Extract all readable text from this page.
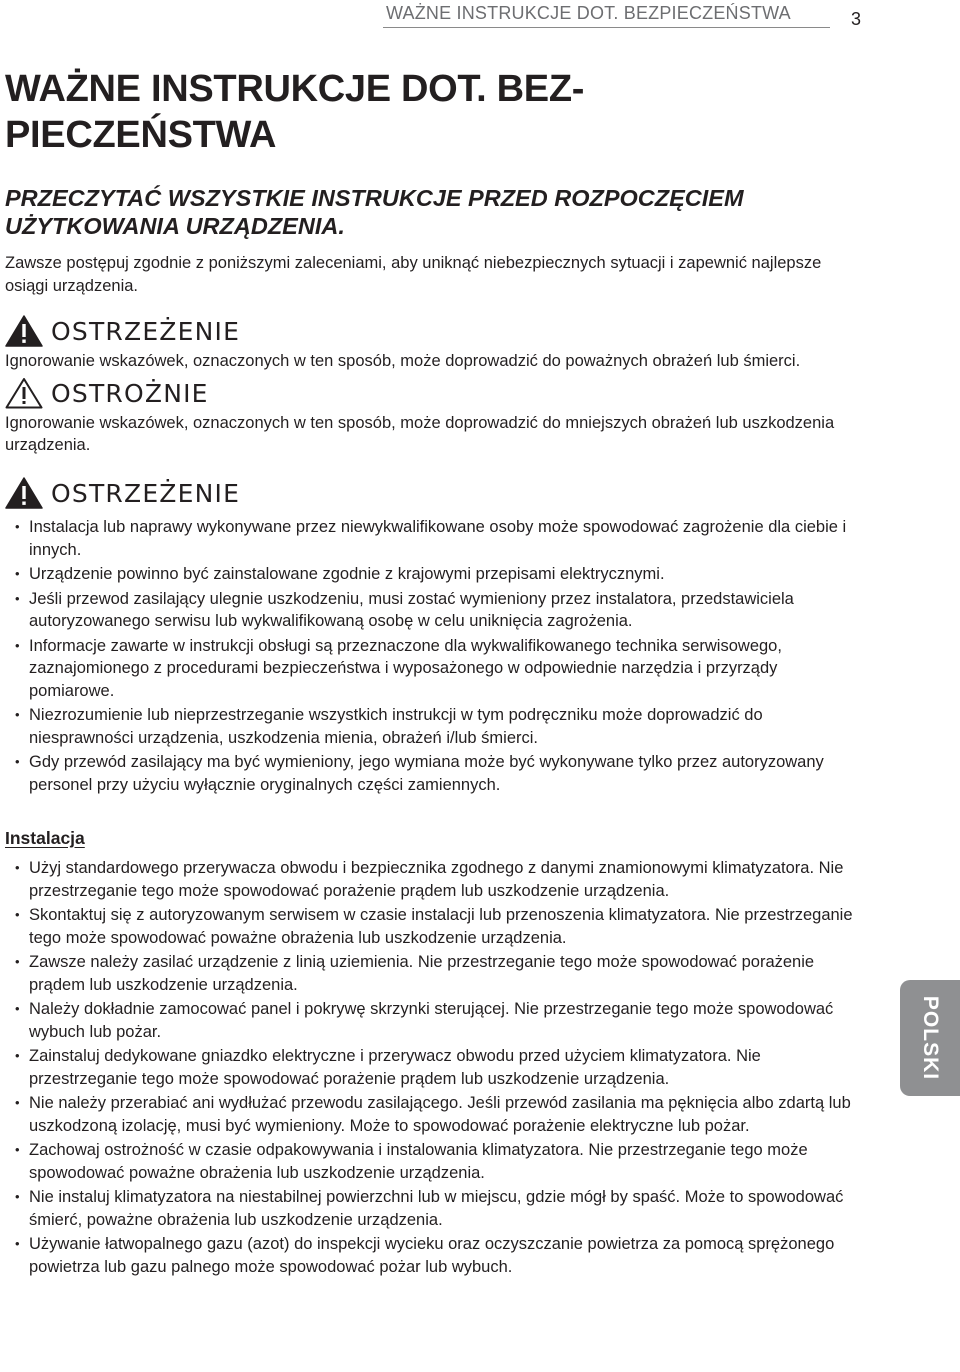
WAŻNE INSTRUKCJE DOT. BEZPIECZEŃSTWA	3
WAŻNE INSTRUKCJE DOT. BEZ-PIECZEŃSTWA
PRZECZYTAĆ WSZYSTKIE INSTRUKCJE PRZED ROZPOCZĘCIEM UŻYTKOWANIA URZĄDZENIA.

Zawsze postępuj zgodnie z poniższymi zaleceniami, aby uniknąć niebezpiecznych sytuacji i zapewnić najlepsze osiągi urządzenia.

OSTRZEŻENIE

Ignorowanie wskazówek, oznaczonych w ten sposób, może doprowadzić do poważnych obrażeń lub śmierci.

OSTROŻNIE

Ignorowanie wskazówek, oznaczonych w ten sposób, może doprowadzić do mniejszych obrażeń lub uszkodzenia urządzenia.

OSTRZEŻENIE
• Instalacja lub naprawy wykonywane przez niewykwalifikowane osoby może spowodować zagrożenie dla ciebie i innych.
• Urządzenie powinno być zainstalowane zgodnie z krajowymi przepisami elektrycznymi.
• Jeśli przewod zasilający ulegnie uszkodzeniu, musi zostać wymieniony przez instalatora, przedstawiciela autoryzowanego serwisu lub wykwalifikowaną osobę w celu uniknięcia zagrożenia.
• Informacje zawarte w instrukcji obsługi są przeznaczone dla wykwalifikowanego technika serwisowego, zaznajomionego z procedurami bezpieczeństwa i wyposażonego w odpowiednie narzędzia i przyrządy pomiarowe.
• Niezrozumienie lub nieprzestrzeganie wszystkich instrukcji w tym podręczniku może doprowadzić do niesprawności urządzenia, uszkodzenia mienia, obrażeń i/lub śmierci.
• Gdy przewód zasilający ma być wymieniony, jego wymiana może być wykonywane tylko przez autoryzowany personel przy użyciu wyłącznie oryginalnych części zamiennych.
Instalacja
• Użyj standardowego przerywacza obwodu i bezpiecznika zgodnego z danymi znamionowymi klimatyzatora. Nie przestrzeganie tego może spowodować porażenie prądem lub uszkodzenie urządzenia.
• Skontaktuj się z autoryzowanym serwisem w czasie instalacji lub przenoszenia klimatyzatora. Nie przestrzeganie tego może spowodować poważne obrażenia lub uszkodzenie urządzenia.
• Zawsze należy zasilać urządzenie z linią uziemienia. Nie przestrzeganie tego może spowodować porażenie prądem lub uszkodzenie urządzenia.
• Należy dokładnie zamocować panel i pokrywę skrzynki sterującej. Nie przestrzeganie tego może spowodować wybuch lub pożar.
• Zainstaluj dedykowane gniazdko elektryczne i przerywacz obwodu przed użyciem klimatyzatora. Nie przestrzeganie tego może spowodować porażenie prądem lub uszkodzenie urządzenia.
• Nie należy przerabiać ani wydłużać przewodu zasilającego. Jeśli przewód zasilania ma pęknięcia albo zdartą lub uszkodzoną izolację, musi być wymieniony. Może to spowodować porażenie elektryczne lub pożar.
• Zachowaj ostrożność w czasie odpakowywania i instalowania klimatyzatora. Nie przestrzeganie tego może spowodować poważne obrażenia lub uszkodzenie urządzenia.
• Nie instaluj klimatyzatora na niestabilnej powierzchni lub w miejscu, gdzie mógł by spaść. Może to spowodować śmierć, poważne obrażenia lub uszkodzenie urządzenia.
• Używanie łatwopalnego gazu (azot) do inspekcji wycieku oraz oczyszczanie powietrza za pomocą sprężonego powietrza lub gazu palnego może spowodować pożar lub wybuch.
POLSKI
